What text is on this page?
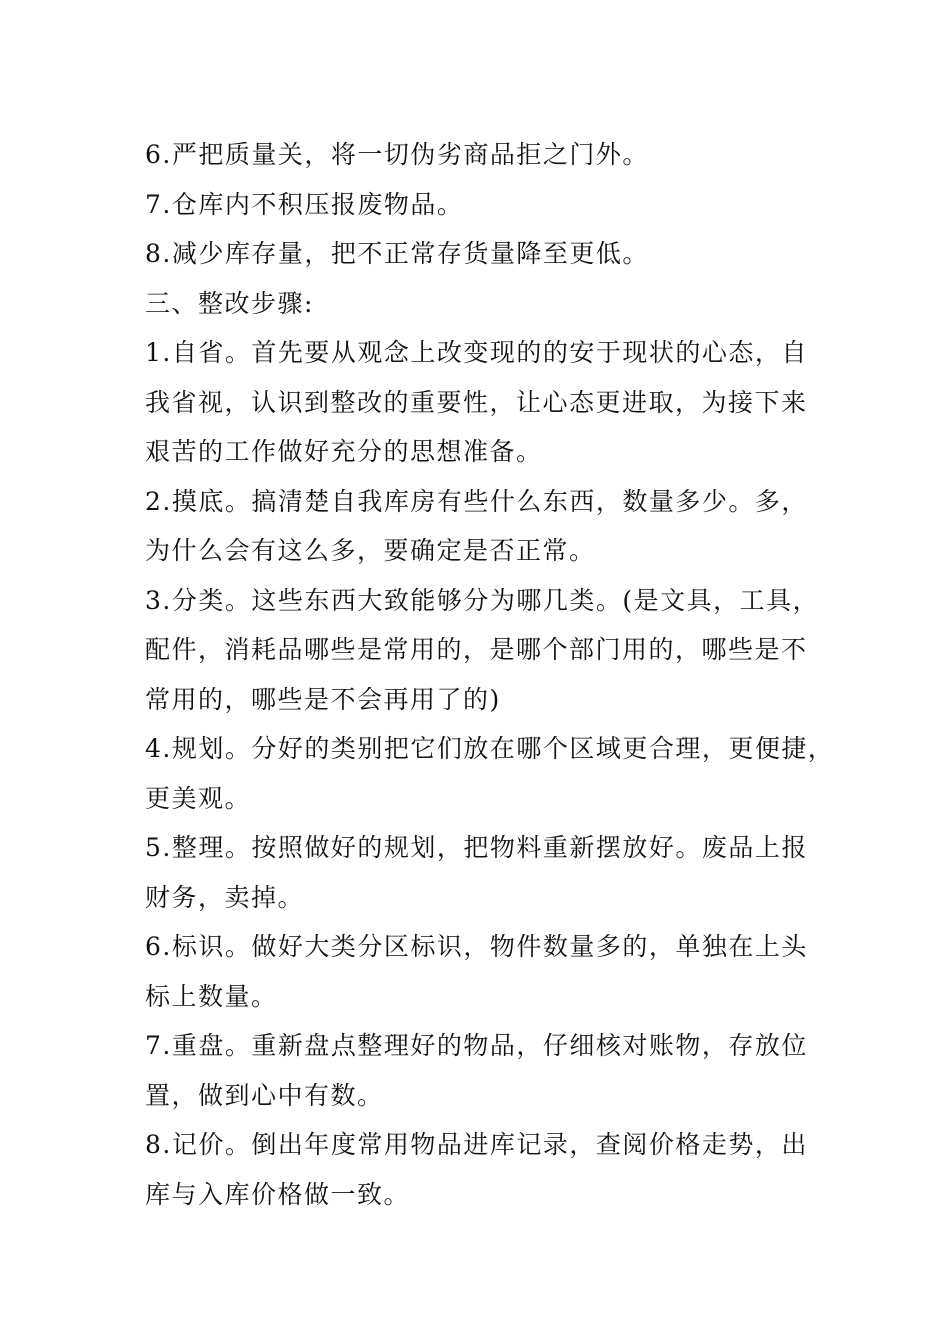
6.严把质量关，将一切伪劣商品拒之门外。
7.仓库内不积压报废物品。
8.减少库存量，把不正常存货量降至更低。
三、整改步骤:
1.自省。首先要从观念上改变现的的安于现状的心态，自
我省视，认识到整改的重要性，让心态更进取，为接下来
艰苦的工作做好充分的思想准备。
2.摸底。搞清楚自我库房有些什么东西，数量多少。多，
为什么会有这么多，要确定是否正常。
3.分类。这些东西大致能够分为哪几类。(是文具，工具，
配件，消耗品哪些是常用的，是哪个部门用的，哪些是不
常用的，哪些是不会再用了的)
4.规划。分好的类别把它们放在哪个区域更合理，更便捷，
更美观。
5.整理。按照做好的规划，把物料重新摆放好。废品上报
财务，卖掉。
6.标识。做好大类分区标识，物件数量多的，单独在上头
标上数量。
7.重盘。重新盘点整理好的物品，仔细核对账物，存放位
置，做到心中有数。
8.记价。倒出年度常用物品进库记录，查阅价格走势，出
库与入库价格做一致。
